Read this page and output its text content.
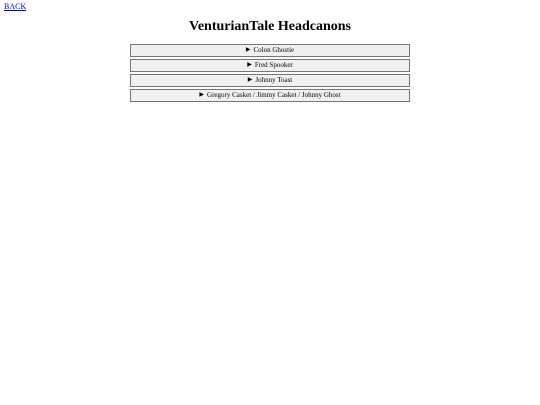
BACK
VenturianTale Headcanons
▶ Colon Ghostie
▶ Fred Spooker
▶ Johnny Toast
▶ Gregory Casket / Jimmy Casket / Johnny Ghost
